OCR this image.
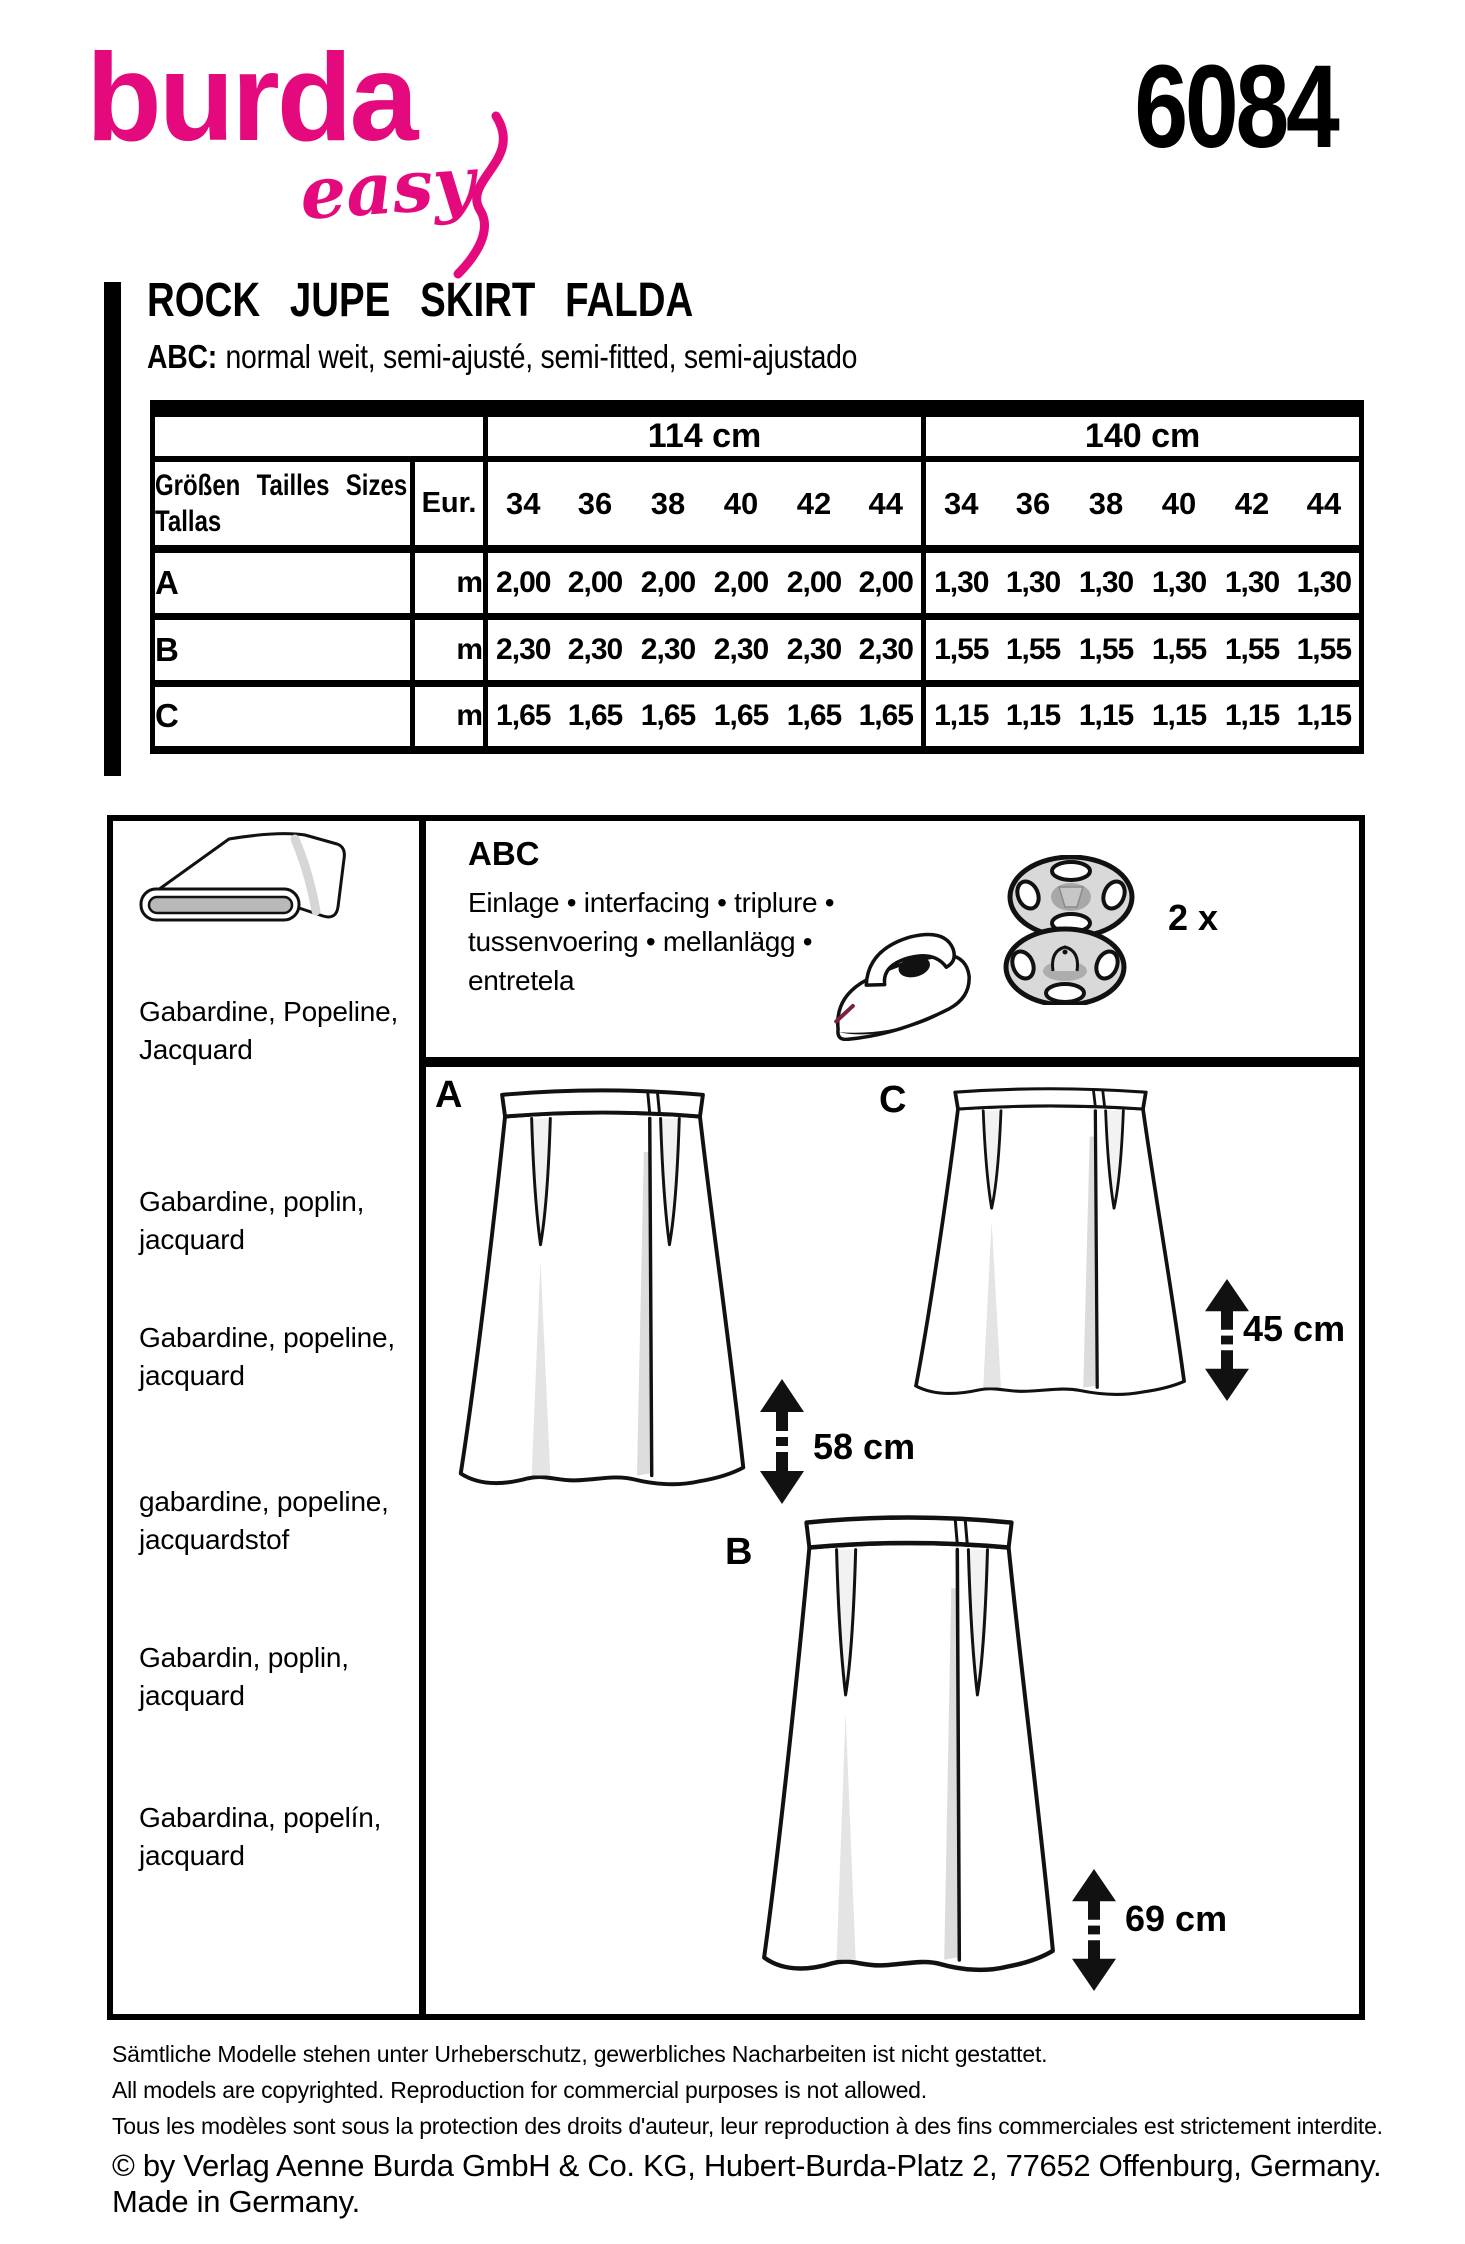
burda
easy
6084
ROCK JUPE SKIRT FALDA
ABC: normal weit, semi-ajusté, semi-fitted, semi-ajustado
		114 cm						140 cm					
Größen Tailles Sizes
Tallas	Eur.	34	36	38	40	42	44	34	36	38	40	42	44
A	m	2,00	2,00	2,00	2,00	2,00	2,00	1,30	1,30	1,30	1,30	1,30	1,30
B	m	2,30	2,30	2,30	2,30	2,30	2,30	1,55	1,55	1,55	1,55	1,55	1,55
C	m	1,65	1,65	1,65	1,65	1,65	1,65	1,15	1,15	1,15	1,15	1,15	1,15
Gabardine, Popeline,
Jacquard
Gabardine, poplin,
jacquard
Gabardine, popeline,
jacquard
gabardine, popeline,
jacquardstof
Gabardin, poplin,
jacquard
Gabardina, popelín,
jacquard
ABC
Einlage • interfacing • triplure •
tussenvoering • mellanlägg •
entretela
2 x
A
58 cm
C
45 cm
B
69 cm
Sämtliche Modelle stehen unter Urheberschutz, gewerbliches Nacharbeiten ist nicht gestattet.
All models are copyrighted. Reproduction for commercial purposes is not allowed.
Tous les modèles sont sous la protection des droits d'auteur, leur reproduction à des fins commerciales est strictement interdite.
© by Verlag Aenne Burda GmbH & Co. KG, Hubert-Burda-Platz 2, 77652 Offenburg, Germany. Made in Germany.
